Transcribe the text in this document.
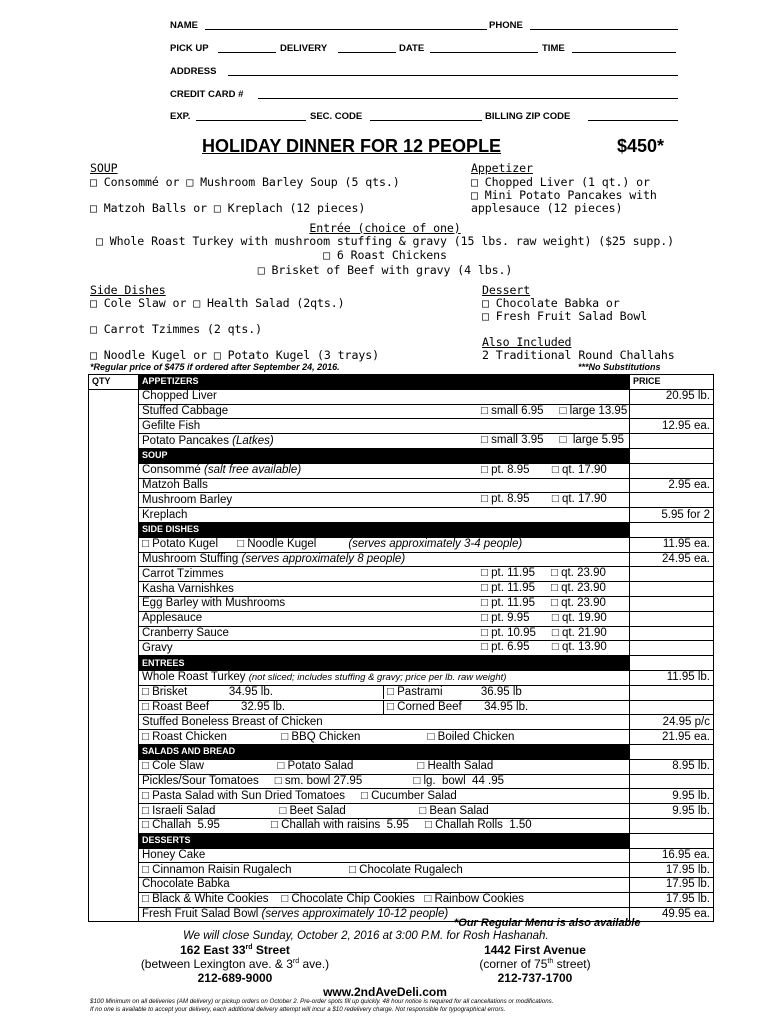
NAME	PHONE
PICK UP	DELIVERY	DATE	TIME
ADDRESS
CREDIT CARD #
EXP.	SEC. CODE	BILLING ZIP CODE
HOLIDAY DINNER FOR 12 PEOPLE	$450*
SOUP
□ Consommé or □ Mushroom Barley Soup (5 qts.)
□ Matzoh Balls or □ Kreplach (12 pieces)
Appetizer
□ Chopped Liver (1 qt.) or
□ Mini Potato Pancakes with
applesauce (12 pieces)
Entrée (choice of one)
□ Whole Roast Turkey with mushroom stuffing & gravy (15 lbs. raw weight) ($25 supp.)
□ 6 Roast Chickens
□ Brisket of Beef with gravy (4 lbs.)
Side Dishes
□ Cole Slaw or □ Health Salad (2qts.)
□ Carrot Tzimmes (2 qts.)
□ Noodle Kugel or □ Potato Kugel (3 trays)
Dessert
□ Chocolate Babka or
□ Fresh Fruit Salad Bowl
Also Included
2 Traditional Round Challahs
*Regular price of $475 if ordered after September 24, 2016.	***No Substitutions
QTY	APPETIZERS	PRICE
	Chopped Liver	20.95 lb.
	Stuffed Cabbage □ small 6.95     □ large 13.95	

	Gefilte Fish	12.95 ea.
	Potato Pancakes (Latkes) □ small 3.95     □  large 5.95	

	SOUP	
	Consommé (salt free available) □ pt. 8.95       □ qt. 17.90	

	Matzoh Balls	2.95 ea.
	Mushroom Barley □ pt. 8.95       □ qt. 17.90	

	Kreplach	5.95 for 2
	SIDE DISHES	
	□ Potato Kugel      □ Noodle Kugel          (serves approximately 3-4 people)	11.95 ea.
	Mushroom Stuffing (serves approximately 8 people)	24.95 ea.
	Carrot Tzimmes □ pt. 11.95     □ qt. 23.90	

	Kasha Varnishkes □ pt. 11.95     □ qt. 23.90	

	Egg Barley with Mushrooms □ pt. 11.95     □ qt. 23.90	

	Applesauce □ pt. 9.95       □ qt. 19.90	

	Cranberry Sauce □ pt. 10.95     □ qt. 21.90	

	Gravy □ pt. 6.95       □ qt. 13.90	

	ENTREES	
	Whole Roast Turkey (not sliced; includes stuffing & gravy; price per lb. raw weight)	11.95 lb.

	□ Brisket             34.95 lb. □ Pastrami            36.95 lb	

	□ Roast Beef          32.95 lb. □ Corned Beef       34.95 lb.	

	Stuffed Boneless Breast of Chicken	24.95 p/c
	□ Roast Chicken                 □ BBQ Chicken                     □ Boiled Chicken	21.95 ea.
	SALADS AND BREAD	
	□ Cole Slaw                       □ Potato Salad                    □ Health Salad	8.95 lb.
	Pickles/Sour Tomatoes     □ sm. bowl 27.95                □ lg.  bowl  44 .95	
	□ Pasta Salad with Sun Dried Tomatoes     □ Cucumber Salad	9.95 lb.
	□ Israeli Salad                    □ Beet Salad                       □ Bean Salad	9.95 lb.
	□ Challah  5.95                □ Challah with raisins  5.95     □ Challah Rolls  1.50	
	DESSERTS	
	Honey Cake	16.95 ea.
	□ Cinnamon Raisin Rugalech                  □ Chocolate Rugalech	17.95 lb.
	Chocolate Babka	17.95 lb.
	□ Black & White Cookies    □ Chocolate Chip Cookies   □ Rainbow Cookies	17.95 lb.
	Fresh Fruit Salad Bowl (serves approximately 10-12 people)	49.95 ea.
*Our Regular Menu is also available
We will close Sunday, October 2, 2016 at 3:00 P.M. for Rosh Hashanah.
162 East 33rd Street
(between Lexington ave. & 3rd ave.)
212-689-9000
1442 First Avenue
(corner of 75th street)
212-737-1700
www.2ndAveDeli.com
$100 Minimum on all deliveries (AM delivery) or pickup orders on October 2. Pre-order spots fill up quickly. 48 hour notice is required for all cancellations or modifications.
If no one is available to accept your delivery, each additional delivery attempt will incur a $10 redelivery charge. Not responsible for typographical errors.
